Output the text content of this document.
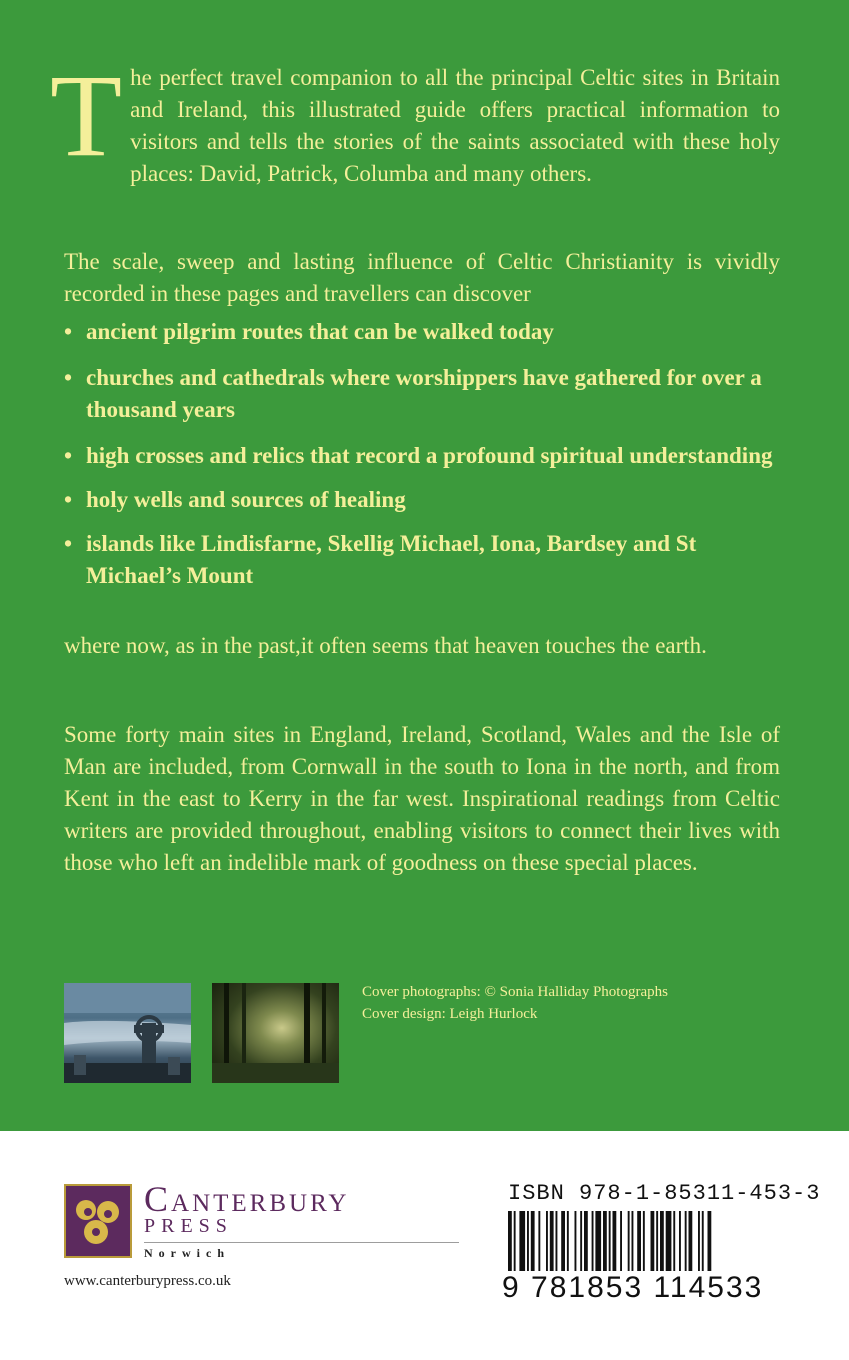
The perfect travel companion to all the principal Celtic sites in Britain and Ireland, this illustrated guide offers practical information to visitors and tells the stories of the saints associated with these holy places: David, Patrick, Columba and many others.

The scale, sweep and lasting influence of Celtic Christianity is vividly recorded in these pages and travellers can discover

• ancient pilgrim routes that can be walked today
• churches and cathedrals where worshippers have gathered for over a thousand years
• high crosses and relics that record a profound spiritual understanding
• holy wells and sources of healing
• islands like Lindisfarne, Skellig Michael, Iona, Bardsey and St Michael’s Mount

where now, as in the past,it often seems that heaven touches the earth.

Some forty main sites in England, Ireland, Scotland, Wales and the Isle of Man are included, from Cornwall in the south to Iona in the north, and from Kent in the east to Kerry in the far west. Inspirational readings from Celtic writers are provided throughout, enabling visitors to connect their lives with those who left an indelible mark of goodness on these special places.

Cover photographs: © Sonia Halliday Photographs
Cover design: Leigh Hurlock
Canterbury
PRESS
Norwich
www.canterburypress.co.uk
ISBN 978-1-85311-453-3
9 781853 114533
